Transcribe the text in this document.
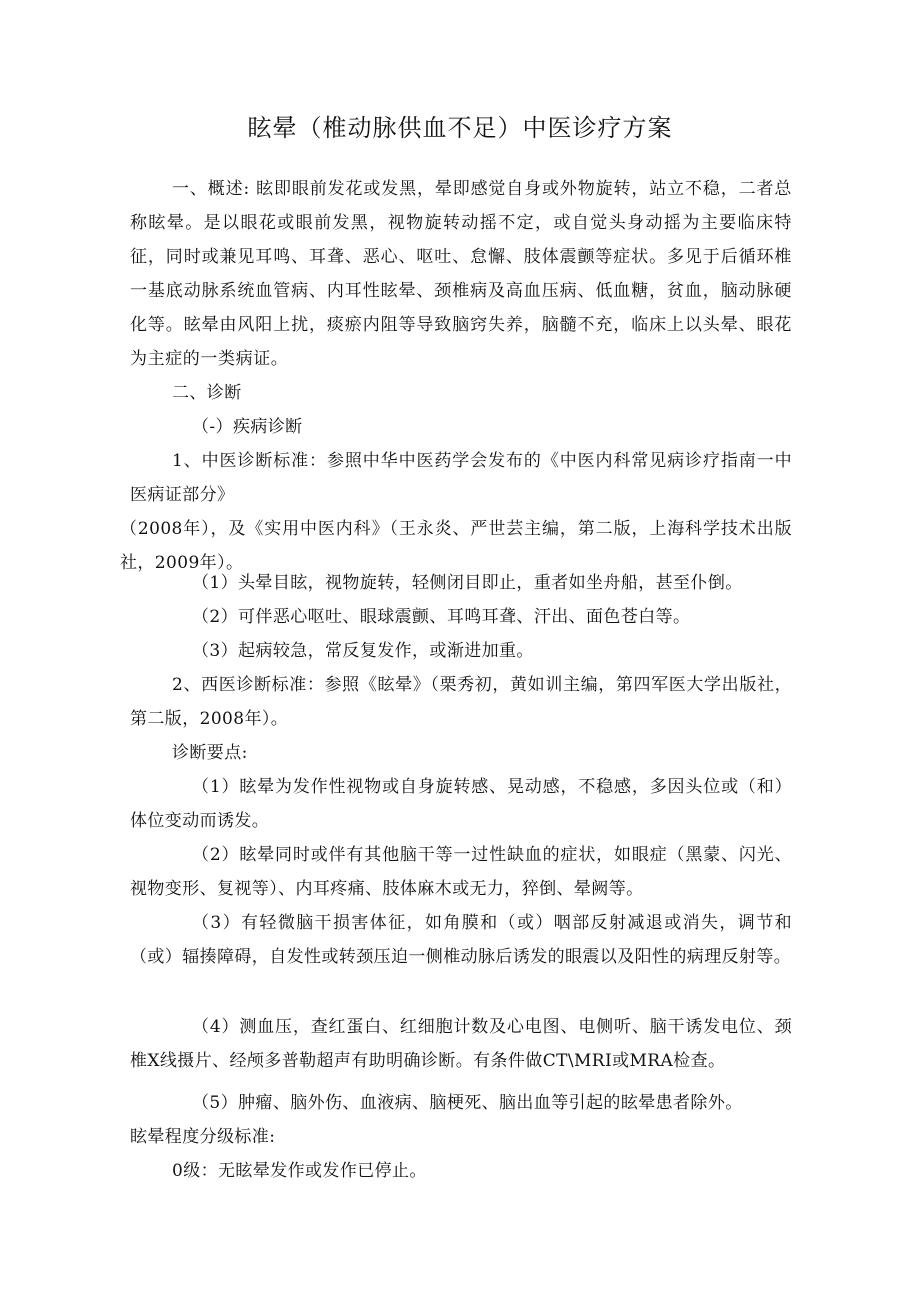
眩晕（椎动脉供血不足）中医诊疗方案

一、概述: 眩即眼前发花或发黑，晕即感觉自身或外物旋转，站立不稳，二者总称眩晕。是以眼花或眼前发黑，视物旋转动摇不定，或自觉头身动摇为主要临床特征，同时或兼见耳鸣、耳聋、恶心、呕吐、怠懈、肢体震颤等症状。多见于后循环椎一基底动脉系统血管病、内耳性眩晕、颈椎病及高血压病、低血糖，贫血，脑动脉硬化等。眩晕由风阳上扰，痰瘀内阻等导致脑窍失养，脑髓不充，临床上以头晕、眼花为主症的一类病证。

二、诊断

（-）疾病诊断

1、中医诊断标准：参照中华中医药学会发布的《中医内科常见病诊疗指南一中医病证部分》

（2008年），及《实用中医内科》（王永炎、严世芸主编，第二版，上海科学技术出版社，2009年）。

（1）头晕目眩，视物旋转，轻侧闭目即止，重者如坐舟船，甚至仆倒。

（2）可伴恶心呕吐、眼球震颤、耳鸣耳聋、汗出、面色苍白等。

（3）起病较急，常反复发作，或渐进加重。

2、西医诊断标准：参照《眩晕》（栗秀初，黄如训主编，第四军医大学出版社，第二版，2008年）。

诊断要点:

（1）眩晕为发作性视物或自身旋转感、晃动感，不稳感，多因头位或（和）体位变动而诱发。

（2）眩晕同时或伴有其他脑干等一过性缺血的症状，如眼症（黑蒙、闪光、视物变形、复视等）、内耳疼痛、肢体麻木或无力，猝倒、晕阙等。

（3）有轻微脑干损害体征，如角膜和（或）咽部反射减退或消失，调节和（或）辐揍障碍，自发性或转颈压迫一侧椎动脉后诱发的眼震以及阳性的病理反射等。

（4）测血压，查红蛋白、红细胞计数及心电图、电侧听、脑干诱发电位、颈椎X线摄片、经颅多普勒超声有助明确诊断。有条件做CT\MRI或MRA检查。

（5）肿瘤、脑外伤、血液病、脑梗死、脑出血等引起的眩晕患者除外。

眩晕程度分级标准:

0级：无眩晕发作或发作已停止。
